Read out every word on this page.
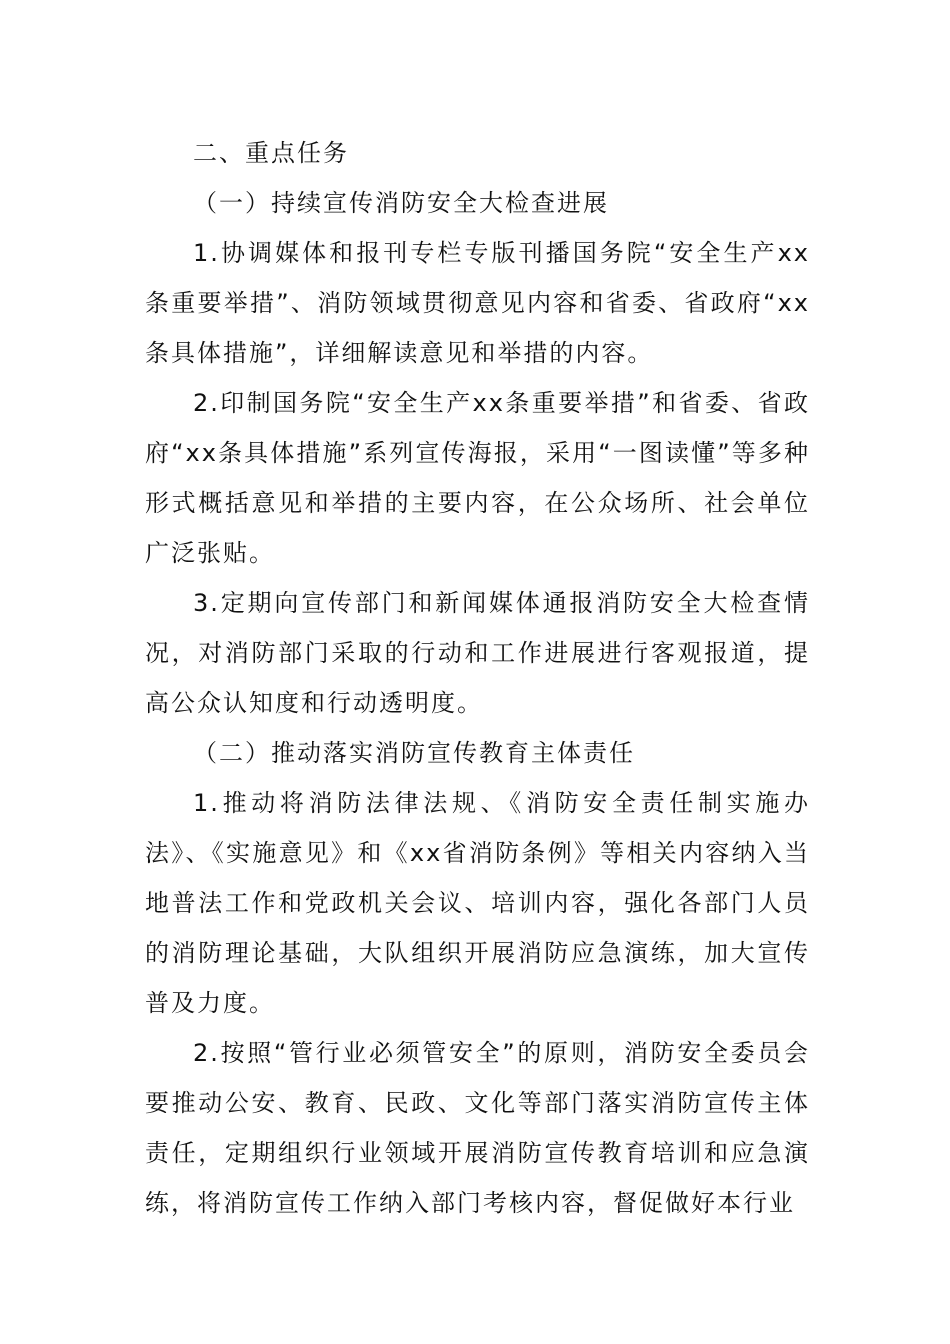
二、重点任务

（一）持续宣传消防安全大检查进展

1.协调媒体和报刊专栏专版刊播国务院“安全生产xx条重要举措”、消防领域贯彻意见内容和省委、省政府“xx条具体措施”，详细解读意见和举措的内容。

2.印制国务院“安全生产xx条重要举措”和省委、省政府“xx条具体措施”系列宣传海报，采用“一图读懂”等多种形式概括意见和举措的主要内容，在公众场所、社会单位广泛张贴。

3.定期向宣传部门和新闻媒体通报消防安全大检查情况，对消防部门采取的行动和工作进展进行客观报道，提高公众认知度和行动透明度。

（二）推动落实消防宣传教育主体责任

1.推动将消防法律法规、《消防安全责任制实施办法》、《实施意见》和《xx省消防条例》等相关内容纳入当地普法工作和党政机关会议、培训内容，强化各部门人员的消防理论基础，大队组织开展消防应急演练，加大宣传普及力度。

2.按照“管行业必须管安全”的原则，消防安全委员会要推动公安、教育、民政、文化等部门落实消防宣传主体责任，定期组织行业领域开展消防宣传教育培训和应急演练，将消防宣传工作纳入部门考核内容，督促做好本行业
